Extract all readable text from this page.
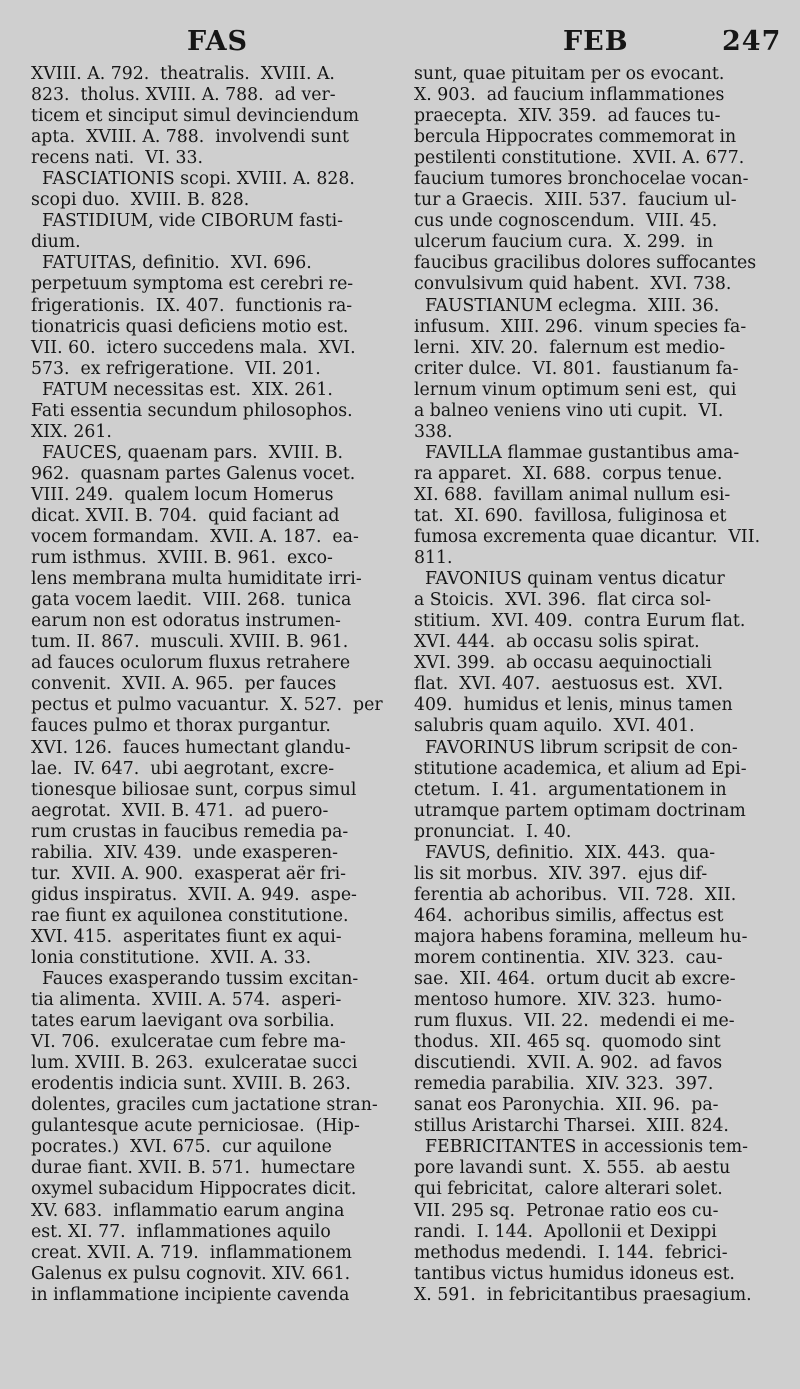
FAS	FEB	247
XVIII. A. 792.  theatralis.  XVIII. A.
823.  tholus. XVIII. A. 788.  ad ver-
ticem et sinciput simul devinciendum
apta.  XVIII. A. 788.  involvendi sunt
recens nati.  VI. 33.
FASCIATIONIS scopi. XVIII. A. 828.
scopi duo.  XVIII. B. 828.
FASTIDIUM, vide CIBORUM fasti-
dium.
FATUITAS, definitio.  XVI. 696.
perpetuum symptoma est cerebri re-
frigerationis.  IX. 407.  functionis ra-
tionatricis quasi deficiens motio est.
VII. 60.  ictero succedens mala.  XVI.
573.  ex refrigeratione.  VII. 201.
FATUM necessitas est.  XIX. 261.
Fati essentia secundum philosophos.
XIX. 261.
FAUCES, quaenam pars.  XVIII. B.
962.  quasnam partes Galenus vocet.
VIII. 249.  qualem locum Homerus
dicat. XVII. B. 704.  quid faciant ad
vocem formandam.  XVII. A. 187.  ea-
rum isthmus.  XVIII. B. 961.  exco-
lens membrana multa humiditate irri-
gata vocem laedit.  VIII. 268.  tunica
earum non est odoratus instrumen-
tum. II. 867.  musculi. XVIII. B. 961.
ad fauces oculorum fluxus retrahere
convenit.  XVII. A. 965.  per fauces
pectus et pulmo vacuantur.  X. 527.  per
fauces pulmo et thorax purgantur.
XVI. 126.  fauces humectant glandu-
lae.  IV. 647.  ubi aegrotant, excre-
tionesque biliosae sunt, corpus simul
aegrotat.  XVII. B. 471.  ad puero-
rum crustas in faucibus remedia pa-
rabilia.  XIV. 439.  unde exasperen-
tur.  XVII. A. 900.  exasperat aër fri-
gidus inspiratus.  XVII. A. 949.  aspe-
rae fiunt ex aquilonea constitutione.
XVI. 415.  asperitates fiunt ex aqui-
lonia constitutione.  XVII. A. 33.
Fauces exasperando tussim excitan-
tia alimenta.  XVIII. A. 574.  asperi-
tates earum laevigant ova sorbilia.
VI. 706.  exulceratae cum febre ma-
lum. XVIII. B. 263.  exulceratae succi
erodentis indicia sunt. XVIII. B. 263.
dolentes, graciles cum jactatione stran-
gulantesque acute perniciosae.  (Hip-
pocrates.)  XVI. 675.  cur aquilone
durae fiant. XVII. B. 571.  humectare
oxymel subacidum Hippocrates dicit.
XV. 683.  inflammatio earum angina
est. XI. 77.  inflammationes aquilo
creat. XVII. A. 719.  inflammationem
Galenus ex pulsu cognovit. XIV. 661.
in inflammatione incipiente cavenda
sunt, quae pituitam per os evocant.
X. 903.  ad faucium inflammationes
praecepta.  XIV. 359.  ad fauces tu-
bercula Hippocrates commemorat in
pestilenti constitutione.  XVII. A. 677.
faucium tumores bronchocelae vocan-
tur a Graecis.  XIII. 537.  faucium ul-
cus unde cognoscendum.  VIII. 45.
ulcerum faucium cura.  X. 299.  in
faucibus gracilibus dolores suffocantes
convulsivum quid habent.  XVI. 738.
FAUSTIANUM eclegma.  XIII. 36.
infusum.  XIII. 296.  vinum species fa-
lerni.  XIV. 20.  falernum est medio-
criter dulce.  VI. 801.  faustianum fa-
lernum vinum optimum seni est,  qui
a balneo veniens vino uti cupit.  VI.
338.
FAVILLA flammae gustantibus ama-
ra apparet.  XI. 688.  corpus tenue.
XI. 688.  favillam animal nullum esi-
tat.  XI. 690.  favillosa, fuliginosa et
fumosa excrementa quae dicantur.  VII.
811.
FAVONIUS quinam ventus dicatur
a Stoicis.  XVI. 396.  flat circa sol-
stitium.  XVI. 409.  contra Eurum flat.
XVI. 444.  ab occasu solis spirat.
XVI. 399.  ab occasu aequinoctiali
flat.  XVI. 407.  aestuosus est.  XVI.
409.  humidus et lenis, minus tamen
salubris quam aquilo.  XVI. 401.
FAVORINUS librum scripsit de con-
stitutione academica, et alium ad Epi-
ctetum.  I. 41.  argumentationem in
utramque partem optimam doctrinam
pronunciat.  I. 40.
FAVUS, definitio.  XIX. 443.  qua-
lis sit morbus.  XIV. 397.  ejus dif-
ferentia ab achoribus.  VII. 728.  XII.
464.  achoribus similis, affectus est
majora habens foramina, melleum hu-
morem continentia.  XIV. 323.  cau-
sae.  XII. 464.  ortum ducit ab excre-
mentoso humore.  XIV. 323.  humo-
rum fluxus.  VII. 22.  medendi ei me-
thodus.  XII. 465 sq.  quomodo sint
discutiendi.  XVII. A. 902.  ad favos
remedia parabilia.  XIV. 323.  397.
sanat eos Paronychia.  XII. 96.  pa-
stillus Aristarchi Tharsei.  XIII. 824.
FEBRICITANTES in accessionis tem-
pore lavandi sunt.  X. 555.  ab aestu
qui febricitat,  calore alterari solet.
VII. 295 sq.  Petronae ratio eos cu-
randi.  I. 144.  Apollonii et Dexippi
methodus medendi.  I. 144.  febrici-
tantibus victus humidus idoneus est.
X. 591.  in febricitantibus praesagium.
